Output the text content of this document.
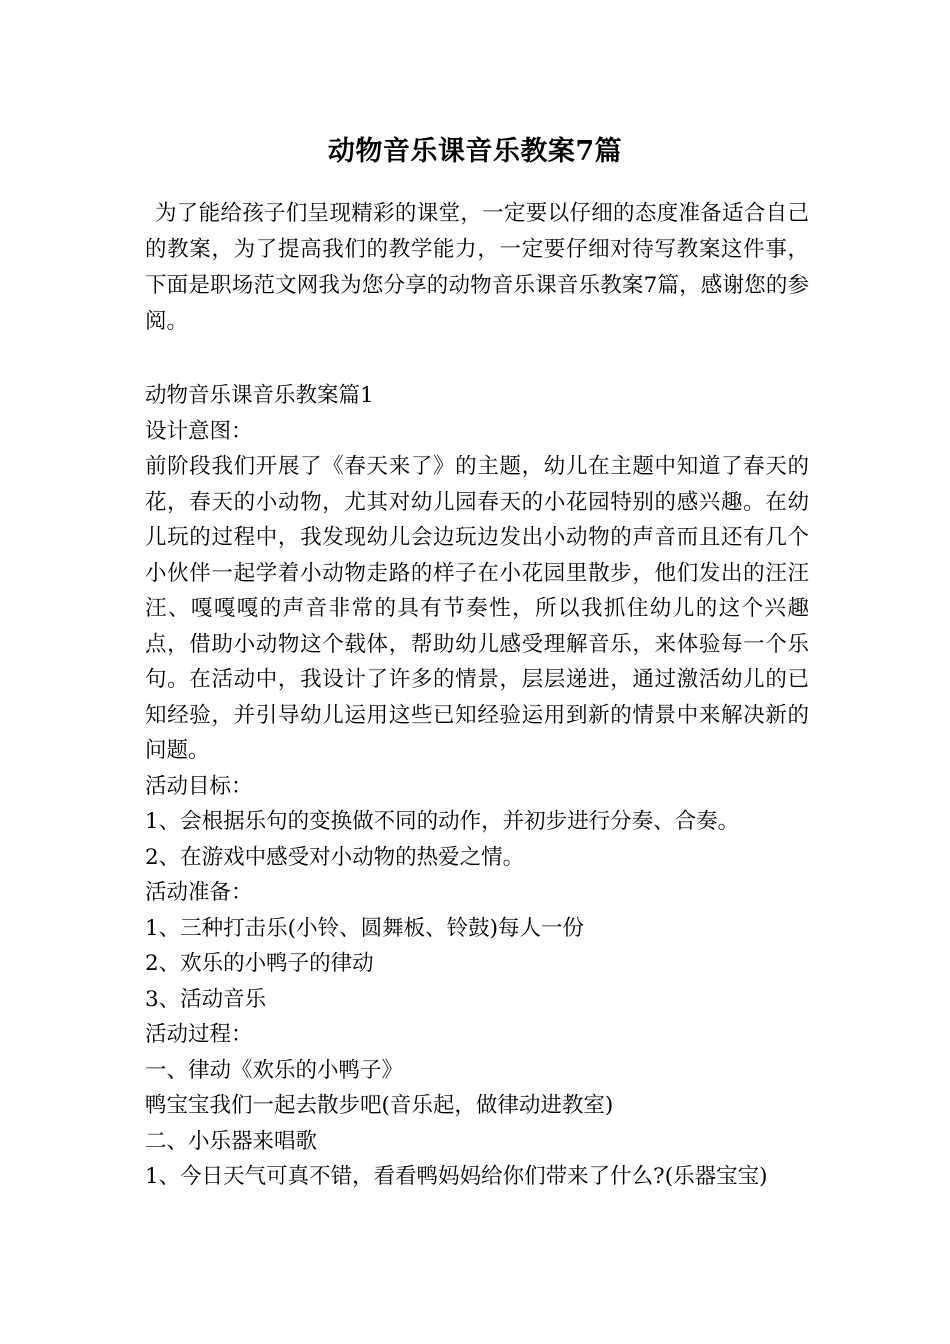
动物音乐课音乐教案7篇

为了能给孩子们呈现精彩的课堂，一定要以仔细的态度准备适合自己的教案，为了提高我们的教学能力，一定要仔细对待写教案这件事，下面是职场范文网我为您分享的动物音乐课音乐教案7篇，感谢您的参阅。

动物音乐课音乐教案篇1
设计意图：
前阶段我们开展了《春天来了》的主题，幼儿在主题中知道了春天的花，春天的小动物，尤其对幼儿园春天的小花园特别的感兴趣。在幼儿玩的过程中，我发现幼儿会边玩边发出小动物的声音而且还有几个小伙伴一起学着小动物走路的样子在小花园里散步，他们发出的汪汪汪、嘎嘎嘎的声音非常的具有节奏性，所以我抓住幼儿的这个兴趣点，借助小动物这个载体，帮助幼儿感受理解音乐，来体验每一个乐句。在活动中，我设计了许多的情景，层层递进，通过激活幼儿的已知经验，并引导幼儿运用这些已知经验运用到新的情景中来解决新的问题。
活动目标：
1、会根据乐句的变换做不同的动作，并初步进行分奏、合奏。
2、在游戏中感受对小动物的热爱之情。
活动准备：
1、三种打击乐(小铃、圆舞板、铃鼓)每人一份
2、欢乐的小鸭子的律动
3、活动音乐
活动过程：
一、律动《欢乐的小鸭子》
鸭宝宝我们一起去散步吧(音乐起，做律动进教室)
二、小乐器来唱歌
1、今日天气可真不错，看看鸭妈妈给你们带来了什么?(乐器宝宝)
